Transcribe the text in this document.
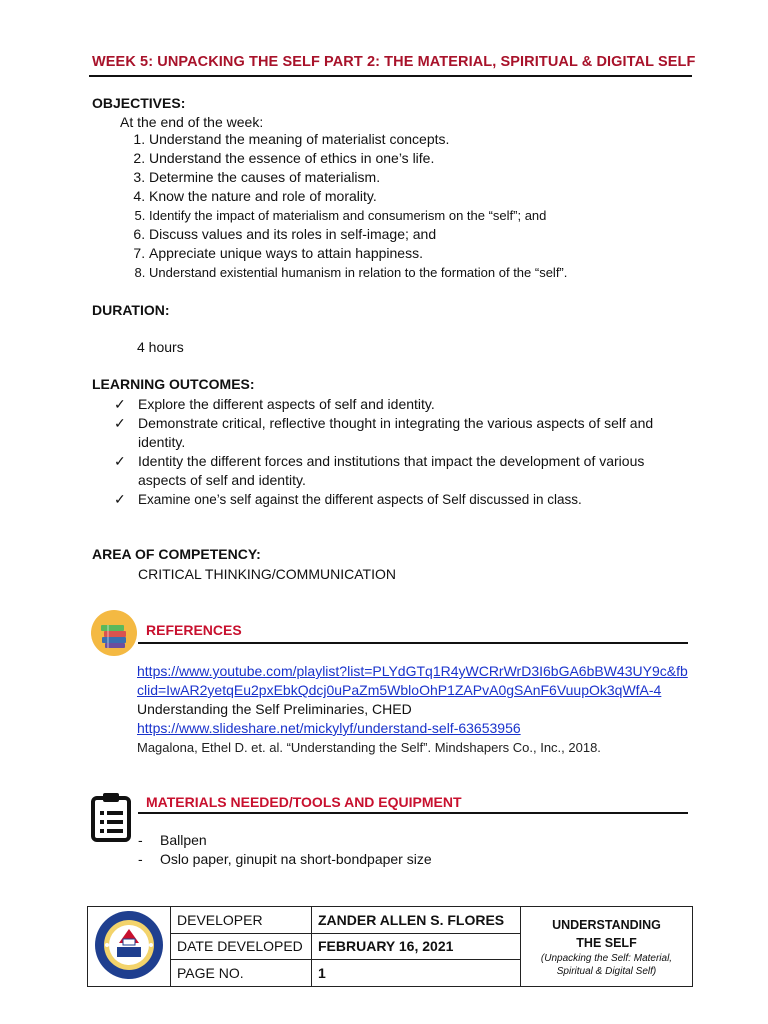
WEEK 5: UNPACKING THE SELF PART 2: THE MATERIAL, SPIRITUAL & DIGITAL SELF
OBJECTIVES:
At the end of the week:
1. Understand the meaning of materialist concepts.
2. Understand the essence of ethics in one’s life.
3. Determine the causes of materialism.
4. Know the nature and role of morality.
5. Identify the impact of materialism and consumerism on the “self”; and
6. Discuss values and its roles in self-image; and
7. Appreciate unique ways to attain happiness.
8. Understand existential humanism in relation to the formation of the “self”.
DURATION:
4 hours
LEARNING OUTCOMES:
✓ Explore the different aspects of self and identity.
✓ Demonstrate critical, reflective thought in integrating the various aspects of self and identity.
✓ Identity the different forces and institutions that impact the development of various aspects of self and identity.
✓ Examine one’s self against the different aspects of Self discussed in class.
AREA OF COMPETENCY:
CRITICAL THINKING/COMMUNICATION
REFERENCES
https://www.youtube.com/playlist?list=PLYdGTq1R4yWCRrWrD3I6bGA6bBW43UY9c&fb
clid=IwAR2yetqEu2pxEbkQdcj0uPaZm5WbloOhP1ZAPvA0gSAnF6VuupOk3qWfA-4
Understanding the Self Preliminaries, CHED
https://www.slideshare.net/mickylyf/understand-self-63653956
Magalona, Ethel D. et. al. “Understanding the Self”. Mindshapers Co., Inc., 2018.
MATERIALS NEEDED/TOOLS AND EQUIPMENT
- Ballpen
- Oslo paper, ginupit na short-bondpaper size
	DEVELOPER	ZANDER ALLEN S. FLORES	UNDERSTANDING THE SELF
(Unpacking the Self: Material, Spiritual & Digital Self)

	DATE DEVELOPED	FEBRUARY 16, 2021	
	PAGE NO.	1	
